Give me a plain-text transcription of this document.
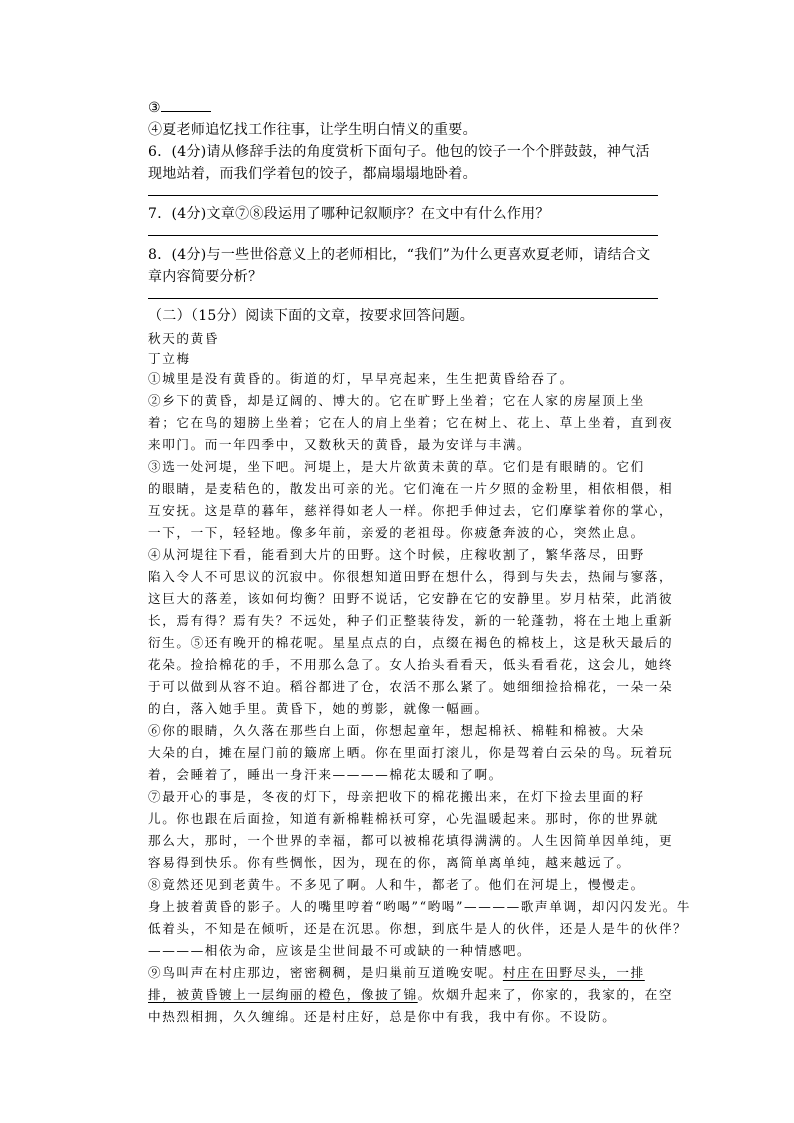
③
④夏老师追忆找工作往事，让学生明白情义的重要。
6．(4分)请从修辞手法的角度赏析下面句子。他包的饺子一个个胖鼓鼓，神气活
现地站着，而我们学着包的饺子，都扁塌塌地卧着。
7．(4分)文章⑦⑧段运用了哪种记叙顺序？在文中有什么作用？
8．(4分)与一些世俗意义上的老师相比，“我们”为什么更喜欢夏老师，请结合文
章内容简要分析？
（二）（15分）阅读下面的文章，按要求回答问题。
秋天的黄昏
丁立梅
①城里是没有黄昏的。街道的灯，早早亮起来，生生把黄昏给吞了。
②乡下的黄昏，却是辽阔的、博大的。它在旷野上坐着；它在人家的房屋顶上坐
着；它在鸟的翅膀上坐着；它在人的肩上坐着；它在树上、花上、草上坐着，直到夜
来叩门。而一年四季中，又数秋天的黄昏，最为安详与丰满。
③选一处河堤，坐下吧。河堤上，是大片欲黄未黄的草。它们是有眼睛的。它们
的眼睛，是麦秸色的，散发出可亲的光。它们淹在一片夕照的金粉里，相依相偎，相
互安抚。这是草的暮年，慈祥得如老人一样。你把手伸过去，它们摩挲着你的掌心，
一下，一下，轻轻地。像多年前，亲爱的老祖母。你疲惫奔波的心，突然止息。
④从河堤往下看，能看到大片的田野。这个时候，庄稼收割了，繁华落尽，田野
陷入令人不可思议的沉寂中。你很想知道田野在想什么，得到与失去，热闹与寥落，
这巨大的落差，该如何均衡？田野不说话，它安静在它的安静里。岁月枯荣，此消彼
长，焉有得？焉有失？不远处，种子们正整装待发，新的一轮蓬勃，将在土地上重新
衍生。⑤还有晚开的棉花呢。星星点点的白，点缀在褐色的棉枝上，这是秋天最后的
花朵。捡拾棉花的手，不用那么急了。女人抬头看看天，低头看看花，这会儿，她终
于可以做到从容不迫。稻谷都进了仓，农活不那么紧了。她细细捡拾棉花，一朵一朵
的白，落入她手里。黄昏下，她的剪影，就像一幅画。
⑥你的眼睛，久久落在那些白上面，你想起童年，想起棉袄、棉鞋和棉被。大朵
大朵的白，摊在屋门前的簸席上晒。你在里面打滚儿，你是驾着白云朵的鸟。玩着玩
着，会睡着了，睡出一身汗来————棉花太暖和了啊。
⑦最开心的事是，冬夜的灯下，母亲把收下的棉花搬出来，在灯下捡去里面的籽
儿。你也跟在后面捡，知道有新棉鞋棉袄可穿，心先温暖起来。那时，你的世界就
那么大，那时，一个世界的幸福，都可以被棉花填得满满的。人生因简单因单纯，更
容易得到快乐。你有些惆怅，因为，现在的你，离简单离单纯，越来越远了。
⑧竟然还见到老黄牛。不多见了啊。人和牛，都老了。他们在河堤上，慢慢走。
身上披着黄昏的影子。人的嘴里哼着“哟喝”“哟喝”————歌声单调，却闪闪发光。牛
低着头，不知是在倾听，还是在沉思。你想，到底牛是人的伙伴，还是人是牛的伙伴？
————相依为命，应该是尘世间最不可或缺的一种情感吧。
⑨鸟叫声在村庄那边，密密稠稠，是归巢前互道晚安呢。村庄在田野尽头，一排
排，被黄昏镀上一层绚丽的橙色，像披了锦。炊烟升起来了，你家的，我家的，在空
中热烈相拥，久久缠绵。还是村庄好，总是你中有我，我中有你。不设防。
